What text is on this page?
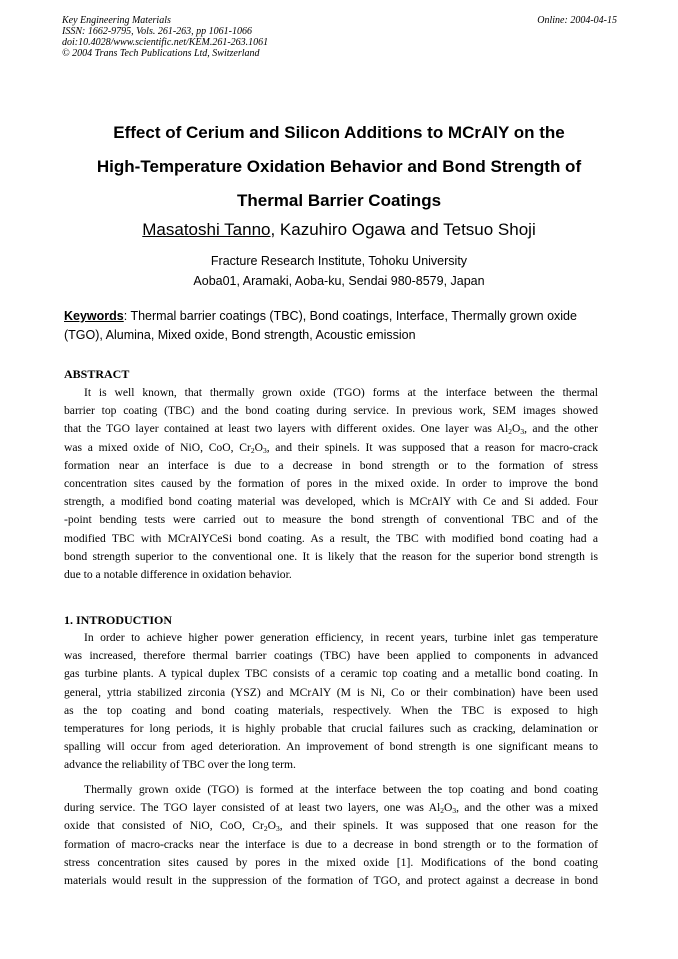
Key Engineering Materials
ISSN: 1662-9795, Vols. 261-263, pp 1061-1066
doi:10.4028/www.scientific.net/KEM.261-263.1061
© 2004 Trans Tech Publications Ltd, Switzerland
Online: 2004-04-15
Effect of Cerium and Silicon Additions to MCrAlY on the
High-Temperature Oxidation Behavior and Bond Strength of
Thermal Barrier Coatings
Masatoshi Tanno, Kazuhiro Ogawa and Tetsuo Shoji
Fracture Research Institute, Tohoku University
Aoba01, Aramaki, Aoba-ku, Sendai 980-8579, Japan
Keywords: Thermal barrier coatings (TBC), Bond coatings, Interface, Thermally grown oxide (TGO), Alumina, Mixed oxide, Bond strength, Acoustic emission
ABSTRACT
It is well known, that thermally grown oxide (TGO) forms at the interface between the thermal
barrier top coating (TBC) and the bond coating during service. In previous work, SEM images showed
that the TGO layer contained at least two layers with different oxides. One layer was $Al_2O_3$, and the other
was a mixed oxide of NiO, CoO, $Cr_2O_3$, and their spinels. It was supposed that a reason for macro-crack
formation near an interface is due to a decrease in bond strength or to the formation of stress
concentration sites caused by the formation of pores in the mixed oxide. In order to improve the bond
strength, a modified bond coating material was developed, which is MCrAlY with Ce and Si added. Four
-point bending tests were carried out to measure the bond strength of conventional TBC and of the
modified TBC with MCrAlYCeSi bond coating. As a result, the TBC with modified bond coating had a
bond strength superior to the conventional one. It is likely that the reason for the superior bond strength is
due to a notable difference in oxidation behavior.
1. INTRODUCTION
In order to achieve higher power generation efficiency, in recent years, turbine inlet gas temperature
was increased, therefore thermal barrier coatings (TBC) have been applied to components in advanced
gas turbine plants. A typical duplex TBC consists of a ceramic top coating and a metallic bond coating. In
general, yttria stabilized zirconia (YSZ) and MCrAlY (M is Ni, Co or their combination) have been used
as the top coating and bond coating materials, respectively. When the TBC is exposed to high
temperatures for long periods, it is highly probable that crucial failures such as cracking, delamination or
spalling will occur from aged deterioration. An improvement of bond strength is one significant means to
advance the reliability of TBC over the long term.
Thermally grown oxide (TGO) is formed at the interface between the top coating and bond coating
during service. The TGO layer consisted of at least two layers, one was $Al_2O_3$, and the other was a mixed
oxide that consisted of NiO, CoO, $Cr_2O_3$, and their spinels. It was supposed that one reason for the
formation of macro-cracks near the interface is due to a decrease in bond strength or to the formation of
stress concentration sites caused by pores in the mixed oxide [1]. Modifications of the bond coating
materials would result in the suppression of the formation of TGO, and protect against a decrease in bond
